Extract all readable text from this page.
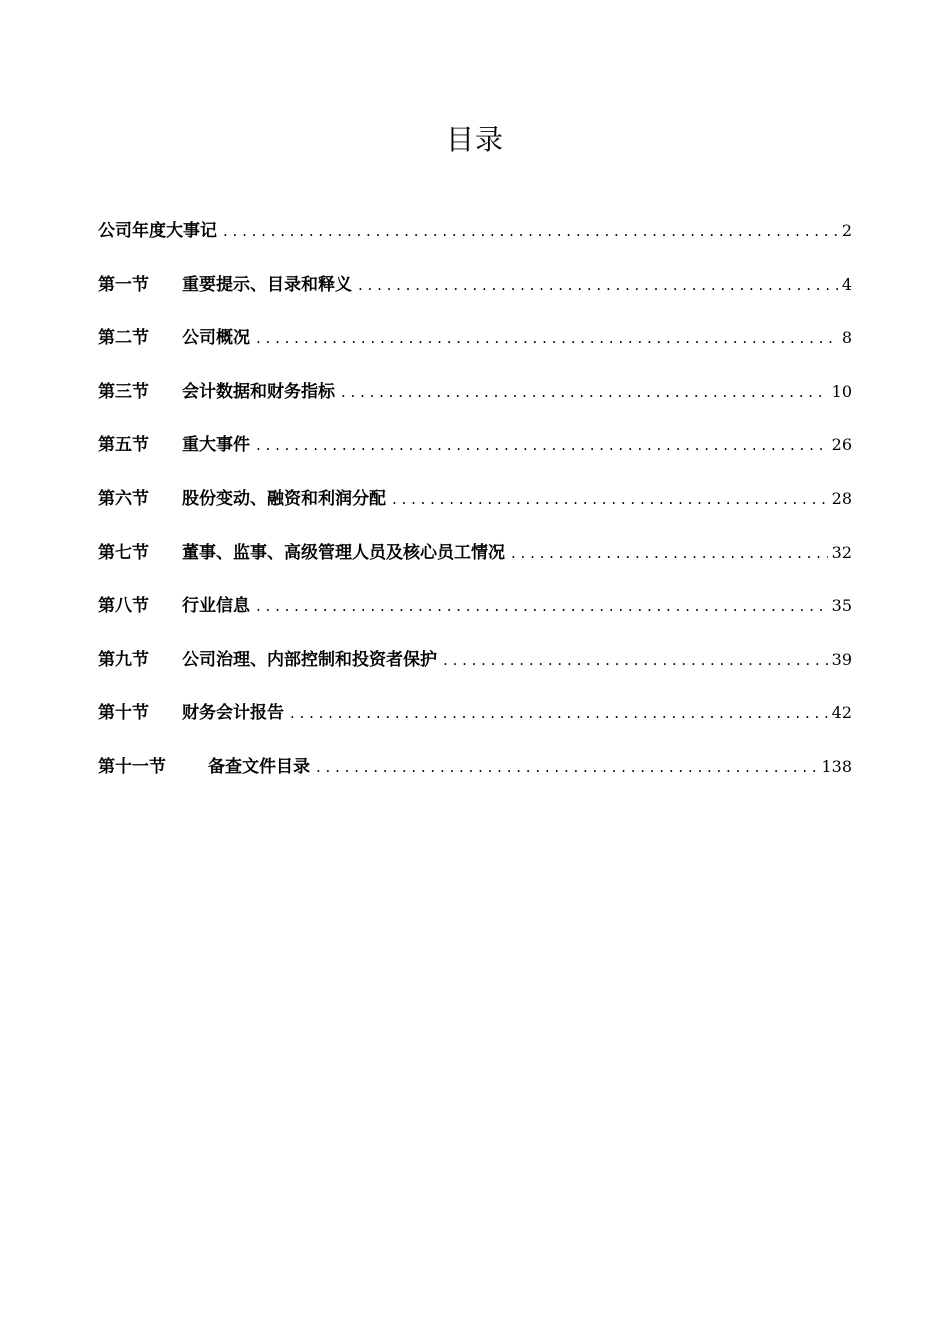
目录
公司年度大事记 . . .	2
第一节	重要提示、目录和释义 . . .	4
第二节	公司概况 . . .	8
第三节	会计数据和财务指标 . . .	10
第五节	重大事件 . . .	26
第六节	股份变动、融资和利润分配 . . .	28
第七节	董事、监事、高级管理人员及核心员工情况 . . .	32
第八节	行业信息 . . .	35
第九节	公司治理、内部控制和投资者保护 . . .	39
第十节	财务会计报告 . . .	42
第十一节	备查文件目录 . . .	138
